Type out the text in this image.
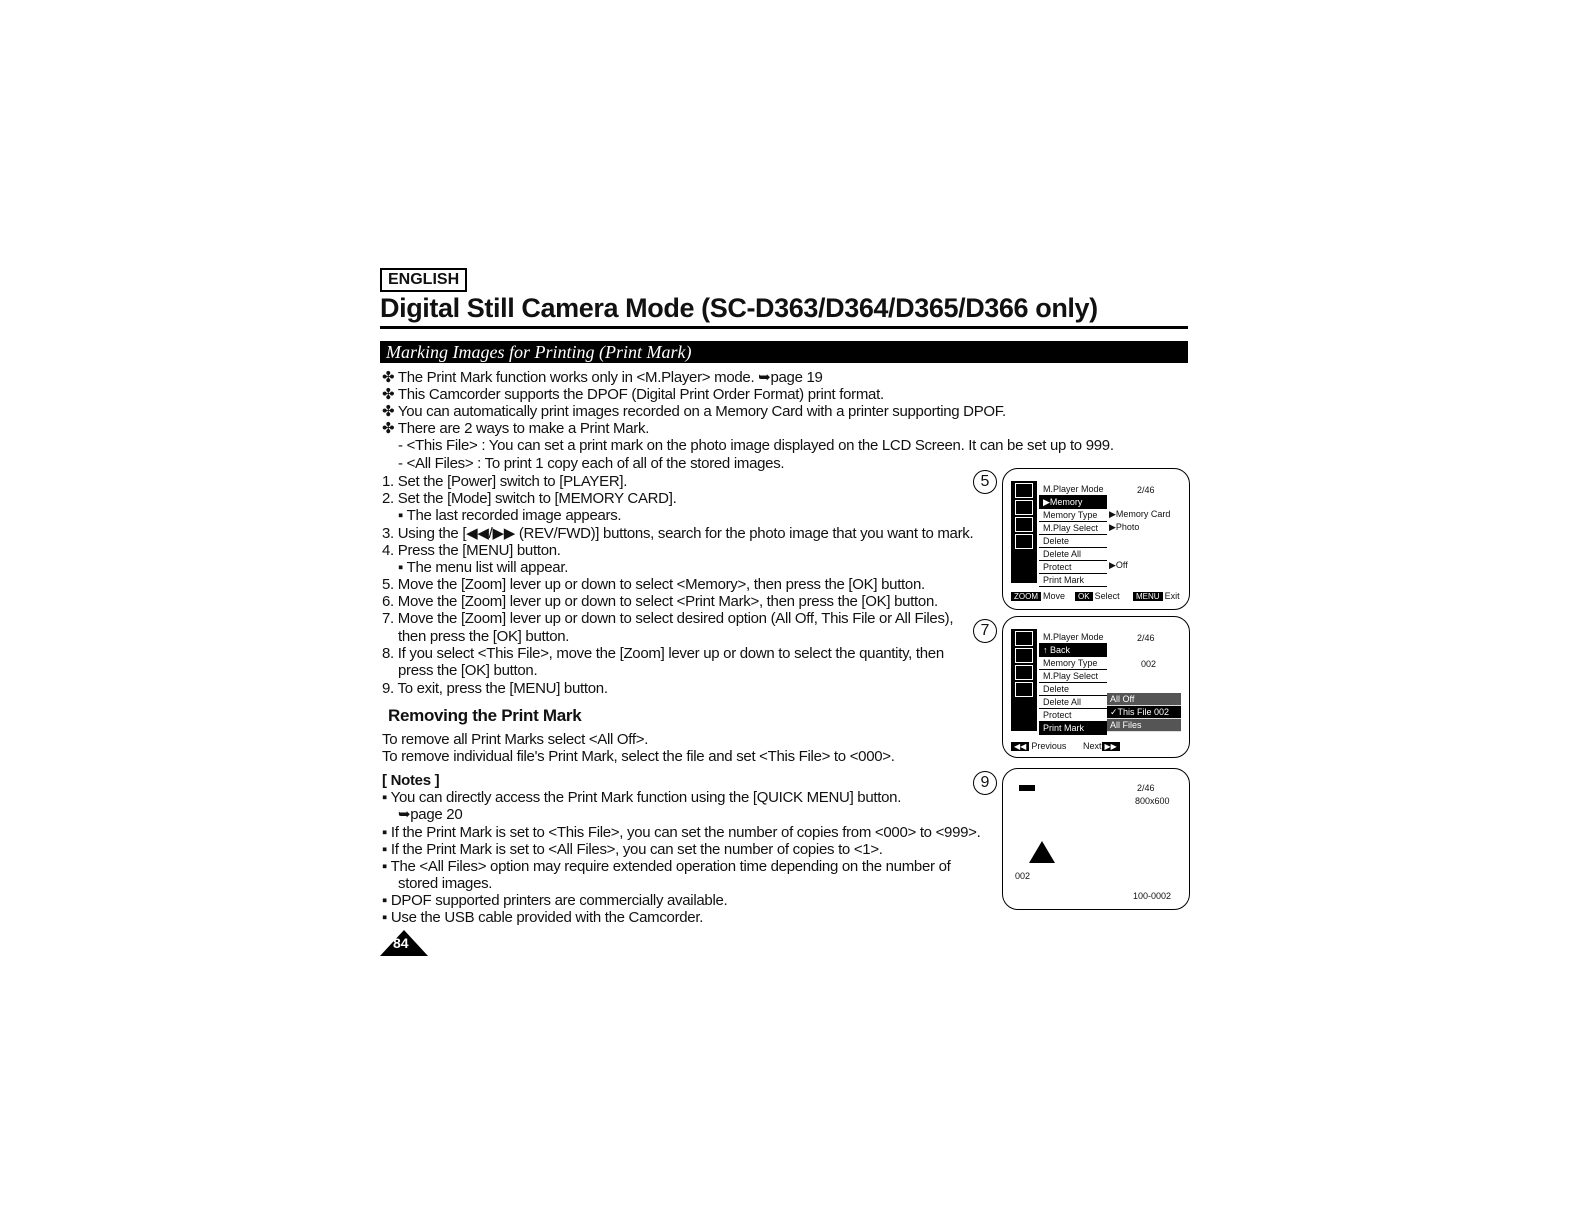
ENGLISH
Digital Still Camera Mode (SC-D363/D364/D365/D366 only)
Marking Images for Printing (Print Mark)
✤ The Print Mark function works only in <M.Player> mode. ➥page 19
✤ This Camcorder supports the DPOF (Digital Print Order Format) print format.
✤ You can automatically print images recorded on a Memory Card with a printer supporting DPOF.
✤ There are 2 ways to make a Print Mark.
- <This File> : You can set a print mark on the photo image displayed on the LCD Screen. It can be set up to 999.
- <All Files> : To print 1 copy each of all of the stored images.
1. Set the [Power] switch to [PLAYER].
2. Set the [Mode] switch to [MEMORY CARD].
▪ The last recorded image appears.
3. Using the [◀◀/▶▶ (REV/FWD)] buttons, search for the photo image that you want to mark.
4. Press the [MENU] button.
▪ The menu list will appear.
5. Move the [Zoom] lever up or down to select <Memory>, then press the [OK] button.
6. Move the [Zoom] lever up or down to select <Print Mark>, then press the [OK] button.
7. Move the [Zoom] lever up or down to select desired option (All Off, This File or All Files),
then press the [OK] button.
8. If you select <This File>, move the [Zoom] lever up or down to select the quantity, then
press the [OK] button.
9. To exit, press the [MENU] button.
Removing the Print Mark
To remove all Print Marks select <All Off>.
To remove individual file's Print Mark, select the file and set <This File> to <000>.
[ Notes ]
▪ You can directly access the Print Mark function using the [QUICK MENU] button.
➥page 20
▪ If the Print Mark is set to <This File>, you can set the number of copies from <000> to <999>.
▪ If the Print Mark is set to <All Files>, you can set the number of copies to <1>.
▪ The <All Files> option may require extended operation time depending on the number of
stored images.
▪ DPOF supported printers are commercially available.
▪ Use the USB cable provided with the Camcorder.
84
5	M.Player Mode
▶Memory
Memory Type
M.Play Select
Delete
Delete All
Protect
Print Mark
2/46
▶Memory Card
▶Photo
▶Off
ZOOM Move	OK Select	MENU Exit
7	M.Player Mode
↑ Back
Memory Type
M.Play Select
Delete
Delete All
Protect
Print Mark
2/46
002
All Off
✓This File 002
All Files
◀◀ Previous Next ▶▶
9	2/46
800x600
002
100-0002
